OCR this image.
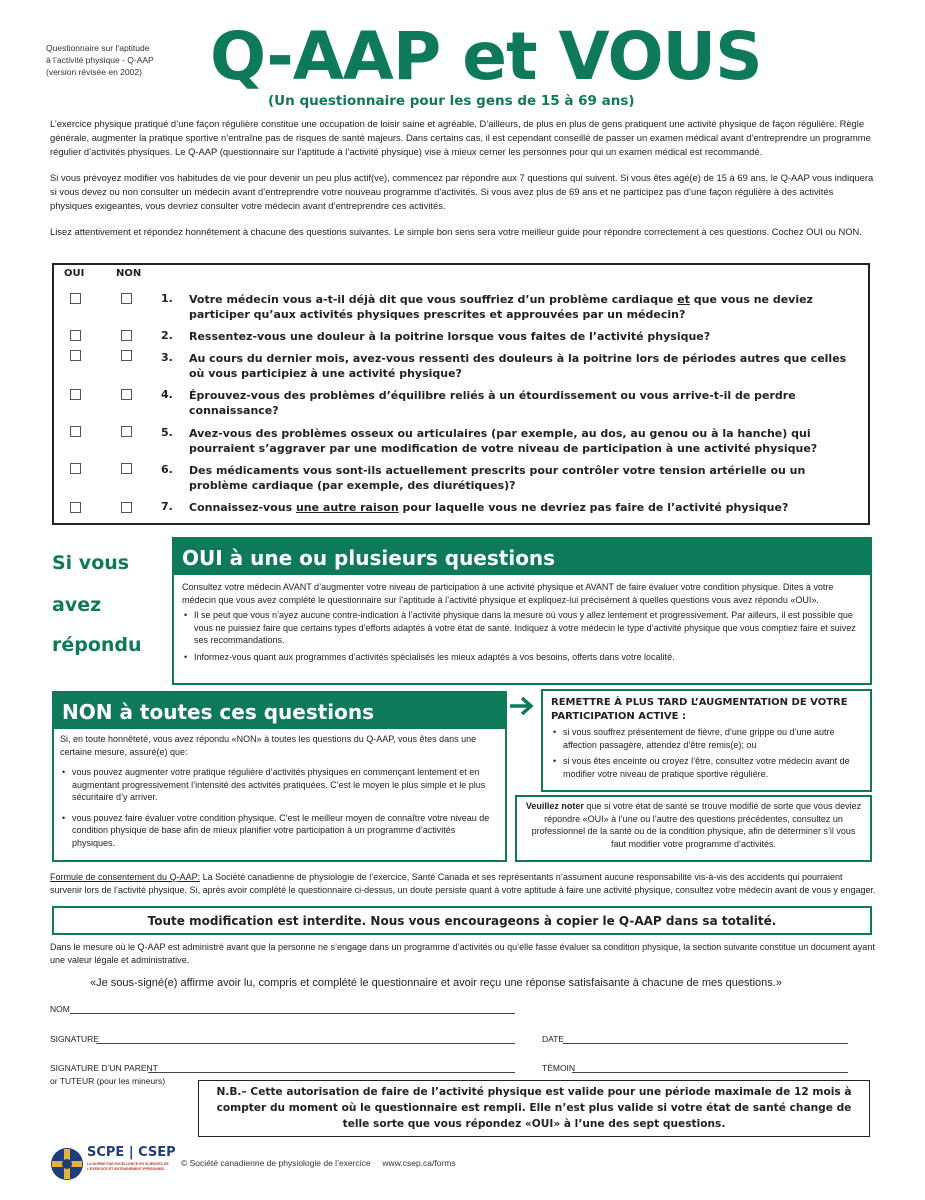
Questionnaire sur l’aptitude
à l’activité physique - Q-AAP
(version révisée en 2002)	Q-AAP et VOUS
(Un questionnaire pour les gens de 15 à 69 ans)
L’exercice physique pratiqué d’une façon régulière constitue une occupation de loisir saine et agréable. D’ailleurs, de plus en plus de gens pratiquent une activité physique de façon régulière. Règle générale, augmenter la pratique sportive n’entraîne pas de risques de santé majeurs. Dans certains cas, il est cependant conseillé de passer un examen médical avant d’entreprendre un programme régulier d’activités physiques. Le Q-AAP (questionnaire sur l’aptitude à l’activité physique) vise à mieux cerner les personnes pour qui un examen médical est recommandé.
Si vous prévoyez modifier vos habitudes de vie pour devenir un peu plus actif(ve), commencez par répondre aux 7 questions qui suivent. Si vous êtes agé(e) de 15 à 69 ans, le Q-AAP vous indiquera si vous devez ou non consulter un médecin avant d’entreprendre votre nouveau programme d’activités. Si vous avez plus de 69 ans et ne participez pas d’une façon régulière à des activités physiques exigeantes, vous devriez consulter votre médecin avant d’entreprendre ces activités.
Lisez attentivement et répondez honnêtement à chacune des questions suivantes. Le simple bon sens sera votre meilleur guide pour répondre correctement à ces questions. Cochez OUI ou NON.
OUI	NON
1. Votre médecin vous a-t-il déjà dit que vous souffriez d’un problème cardiaque et que vous ne deviez participer qu’aux activités physiques prescrites et approuvées par un médecin?
2. Ressentez-vous une douleur à la poitrine lorsque vous faites de l’activité physique?
3. Au cours du dernier mois, avez-vous ressenti des douleurs à la poitrine lors de périodes autres que celles où vous participiez à une activité physique?
4. Éprouvez-vous des problèmes d’équilibre reliés à un étourdissement ou vous arrive-t-il de perdre connaissance?
5. Avez-vous des problèmes osseux ou articulaires (par exemple, au dos, au genou ou à la hanche) qui pourraient s’aggraver par une modification de votre niveau de participation à une activité physique?
6. Des médicaments vous sont-ils actuellement prescrits pour contrôler votre tension artérielle ou un problème cardiaque (par exemple, des diurétiques)?
7. Connaissez-vous une autre raison pour laquelle vous ne devriez pas faire de l’activité physique?
Si vous
avez
répondu
OUI à une ou plusieurs questions
Consultez votre médecin AVANT d’augmenter votre niveau de participation à une activité physique et AVANT de faire évaluer votre condition physique. Dites à votre médecin que vous avez complété le questionnaire sur l’aptitude à l’activité physique et expliquez-lui précisément à quelles questions vous avez répondu «OUI».
• Il se peut que vous n’ayez aucune contre-indication à l’activité physique dans la mesure où vous y allez lentement et progressivement. Par ailleurs, il est possible que vous ne puissiez faire que certains types d’efforts adaptés à votre état de santé. Indiquez à votre médecin le type d’activité physique que vous comptiez faire et suivez ses recommandations.
• Informez-vous quant aux programmes d’activités spécialisés les mieux adaptés à vos besoins, offerts dans votre localité.
NON à toutes ces questions
Si, en toute honnêteté, vous avez répondu «NON» à toutes les questions du Q-AAP, vous êtes dans une certaine mesure, assuré(e) que:
• vous pouvez augmenter votre pratique régulière d’activités physiques en commençant lentement et en augmentant progressivement l’intensité des activités pratiquées. C’est le moyen le plus simple et le plus sécuritaire d’y arriver.
• vous pouvez faire évaluer votre condition physique. C’est le meilleur moyen de connaître votre niveau de condition physique de base afin de mieux planifier votre participation à un programme d’activités physiques.
REMETTRE À PLUS TARD L’AUGMENTATION DE VOTRE PARTICIPATION ACTIVE :
• si vous souffrez présentement de fièvre, d’une grippe ou d’une autre affection passagère, attendez d’être remis(e); ou
• si vous êtes enceinte ou croyez l’être, consultez votre médecin avant de modifier votre niveau de pratique sportive régulière.
Veuillez noter que si votre état de santé se trouve modifié de sorte que vous deviez répondre «OUI» à l’une ou l’autre des questions précédentes, consultez un professionnel de la santé ou de la condition physique, afin de déterminer s’il vous faut modifier votre programme d’activités.
Formule de consentement du Q-AAP: La Société canadienne de physiologie de l’exercice, Santé Canada et ses représentants n’assument aucune responsabilité vis-à-vis des accidents qui pourraient survenir lors de l’activité physique. Si, après avoir complété le questionnaire ci-dessus, un doute persiste quant à votre aptitude à faire une activité physique, consultez votre médecin avant de vous y engager.
Toute modification est interdite. Nous vous encourageons à copier le Q-AAP dans sa totalité.
Dans le mesure où le Q-AAP est administré avant que la personne ne s’engage dans un programme d’activités ou qu’elle fasse évaluer sa condition physique, la section suivante constitue un document ayant une valeur légale et administrative.
«Je sous-signé(e) affirme avoir lu, compris et complété le questionnaire et avoir reçu une réponse satisfaisante à chacune de mes questions.»
NOM
SIGNATURE	DATE
SIGNATURE D’UN PARENT
or TUTEUR (pour les mineurs)
TÉMOIN
N.B.– Cette autorisation de faire de l’activité physique est valide pour une période maximale de 12 mois à compter du moment où le questionnaire est rempli. Elle n’est plus valide si votre état de santé change de telle sorte que vous répondez «OUI» à l’une des sept questions.
SCPE | CSEP
LA NORME PAR EXCELLENCE EN SCIENCES DE L’EXERCICE ET ENTRAÎNEMENT PERSONNEL
© Société canadienne de physiologie de l’exercice     www.csep.ca/forms
